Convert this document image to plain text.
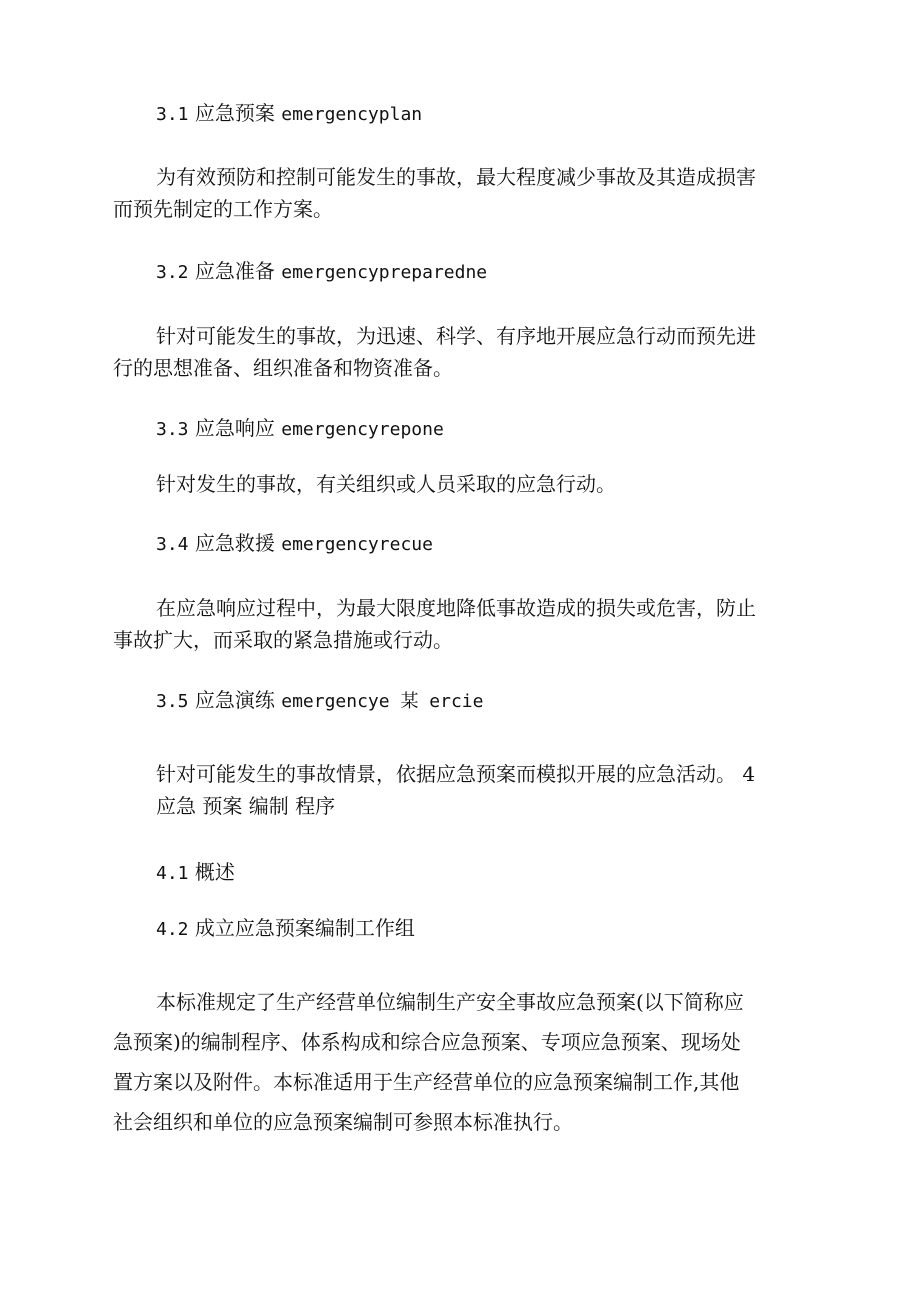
3.1 应急预案 emergencyplan

为有效预防和控制可能发生的事故，最大程度减少事故及其造成损害
而预先制定的工作方案。

3.2 应急准备 emergencypreparedne

针对可能发生的事故，为迅速、科学、有序地开展应急行动而预先进
行的思想准备、组织准备和物资准备。

3.3 应急响应 emergencyrepone

针对发生的事故，有关组织或人员采取的应急行动。

3.4 应急救援 emergencyrecue

在应急响应过程中，为最大限度地降低事故造成的损失或危害，防止
事故扩大，而采取的紧急措施或行动。

3.5 应急演练 emergencye 某 ercie

针对可能发生的事故情景，依据应急预案而模拟开展的应急活动。 4
应急 预案 编制 程序

4.1 概述

4.2 成立应急预案编制工作组

本标准规定了生产经营单位编制生产安全事故应急预案(以下简称应
急预案)的编制程序、体系构成和综合应急预案、专项应急预案、现场处
置方案以及附件。本标准适用于生产经营单位的应急预案编制工作,其他
社会组织和单位的应急预案编制可参照本标准执行。
